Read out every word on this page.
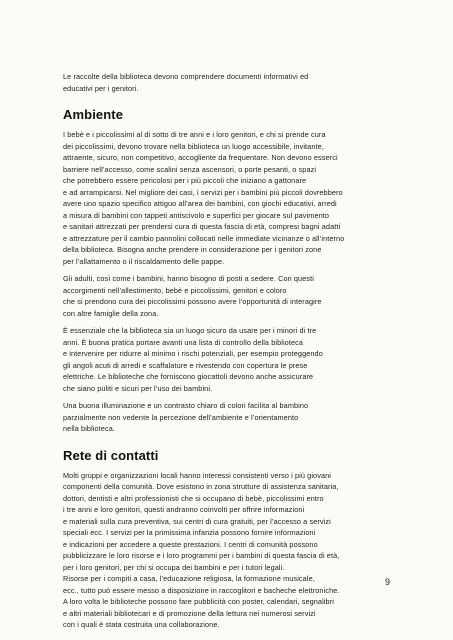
Le raccolte della biblioteca devono comprendere documenti informativi ed
educativi per i genitori.

Ambiente

I bebè e i piccolissimi al di sotto di tre anni e i loro genitori, e chi si prende cura
dei piccolissimi, devono trovare nella biblioteca un luogo accessibile, invitante,
attraente, sicuro, non competitivo, accogliente da frequentare. Non devono esserci
barriere nell’accesso, come scalini senza ascensori, o porte pesanti, o spazi
che potrebbero essere pericolosi per i più piccoli che iniziano a gattonare
e ad arrampicarsi. Nel migliore dei casi, i servizi per i bambini più piccoli dovrebbero
avere uno spazio specifico attiguo all’area dei bambini, con giochi educativi, arredi
a misura di bambini con tappeti antiscivolo e superfici per giocare sul pavimento
e sanitari attrezzati per prendersi cura di questa fascia di età, compresi bagni adatti
e attrezzature per il cambio pannolini collocati nelle immediate vicinanze o all’interno
della biblioteca. Bisogna anche prendere in considerazione per i genitori zone
per l’allattamento o il riscaldamento delle pappe.

Gli adulti, così come i bambini, hanno bisogno di posti a sedere. Con questi
accorgimenti nell’allestimento, bebè e piccolissimi, genitori e coloro
che si prendono cura dei piccolissimi possono avere l’opportunità di interagire
con altre famiglie della zona.

È essenziale che la biblioteca sia un luogo sicuro da usare per i minori di tre
anni. È buona pratica portare avanti una lista di controllo della biblioteca
e intervenire per ridurre al minimo i rischi potenziali, per esempio proteggendo
gli angoli acuti di arredi e scaffalature e rivestendo con copertura le prese
elettriche. Le biblioteche che forniscono giocattoli devono anche assicurare
che siano puliti e sicuri per l’uso dei bambini.

Una buona illuminazione e un contrasto chiaro di colori facilita al bambino
parzialmente non vedente la percezione dell’ambiente e l’orientamento
nella biblioteca.

Rete di contatti

Molti gruppi e organizzazioni locali hanno interessi consistenti verso i più giovani
componenti della comunità. Dove esistono in zona strutture di assistenza sanitaria,
dottori, dentisti e altri professionisti che si occupano di bebè, piccolissimi entro
i tre anni e loro genitori, questi andranno coinvolti per offrire informazioni
e materiali sulla cura preventiva, sui centri di cura gratuiti, per l’accesso a servizi
speciali ecc. I servizi per la primissima infanzia possono fornire informazioni
e indicazioni per accedere a queste prestazioni. I centri di comunità possono
pubblicizzare le loro risorse e i loro programmi per i bambini di questa fascia di età,
per i loro genitori, per chi si occupa dei bambini e per i tutori legali.
Risorse per i compiti a casa, l’educazione religiosa, la formazione musicale,
ecc., tutto può essere messo a disposizione in raccoglitori e bacheche elettroniche.
A loro volta le biblioteche possono fare pubblicità con poster, calendari, segnalibri
e altri materiali bibliotecari e di promozione della lettura nei numerosi servizi
con i quali è stata costruita una collaborazione.

9
